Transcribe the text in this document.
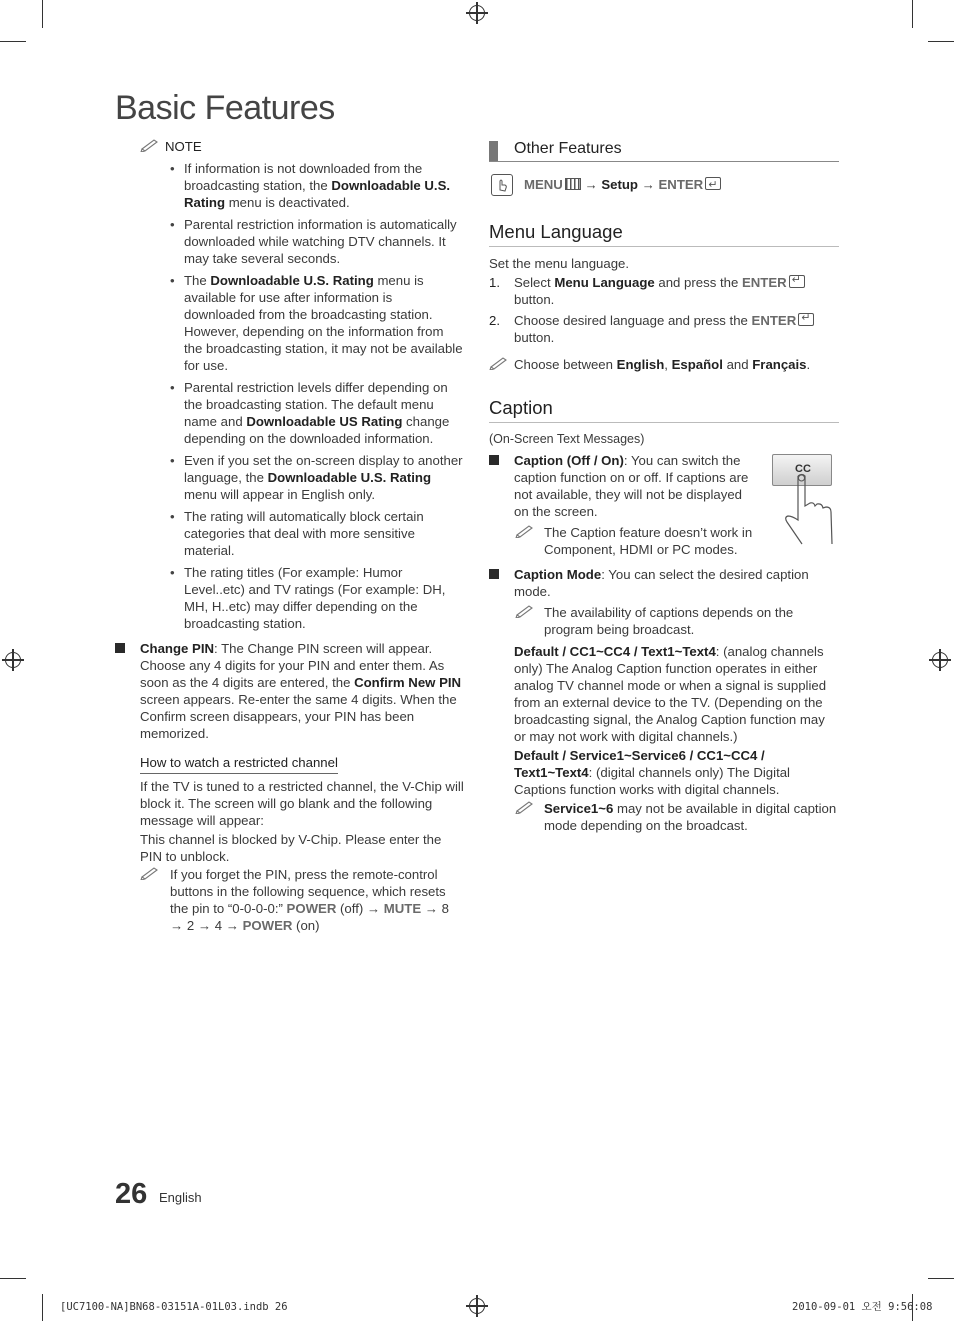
Basic Features
NOTE
• If information is not downloaded from the broadcasting station, the Downloadable U.S. Rating menu is deactivated.
• Parental restriction information is automatically downloaded while watching DTV channels. It may take several seconds.
• The Downloadable U.S. Rating menu is available for use after information is downloaded from the broadcasting station. However, depending on the information from the broadcasting station, it may not be available for use.
• Parental restriction levels differ depending on the broadcasting station. The default menu name and Downloadable US Rating change depending on the downloaded information.
• Even if you set the on-screen display to another language, the Downloadable U.S. Rating menu will appear in English only.
• The rating will automatically block certain categories that deal with more sensitive material.
• The rating titles (For example: Humor Level..etc) and TV ratings (For example: DH, MH, H..etc) may differ depending on the broadcasting station.
Change PIN: The Change PIN screen will appear. Choose any 4 digits for your PIN and enter them. As soon as the 4 digits are entered, the Confirm New PIN screen appears. Re-enter the same 4 digits. When the Confirm screen disappears, your PIN has been memorized.
How to watch a restricted channel
If the TV is tuned to a restricted channel, the V-Chip will block it. The screen will go blank and the following message will appear:
This channel is blocked by V-Chip. Please enter the PIN to unblock.
If you forget the PIN, press the remote-control buttons in the following sequence, which resets the pin to “0-0-0-0:” POWER (off) → MUTE → 8 → 2 → 4 → POWER (on)
Other Features
MENU → Setup → ENTER↵
Menu Language
Set the menu language.
1. Select Menu Language and press the ENTER↵
button.
2. Choose desired language and press the ENTER↵
button.
Choose between English, Español and Français.
Caption
(On-Screen Text Messages)
CC
Caption (Off / On): You can switch the caption function on or off. If captions are not available, they will not be displayed on the screen.
The Caption feature doesn’t work in Component, HDMI or PC modes.
Caption Mode: You can select the desired caption mode.
The availability of captions depends on the program being broadcast.
Default / CC1~CC4 / Text1~Text4: (analog channels only) The Analog Caption function operates in either analog TV channel mode or when a signal is supplied from an external device to the TV. (Depending on the broadcasting signal, the Analog Caption function may or may not work with digital channels.)
Default / Service1~Service6 / CC1~CC4 / Text1~Text4: (digital channels only) The Digital Captions function works with digital channels.
Service1~6 may not be available in digital caption mode depending on the broadcast.
26 English
[UC7100-NA]BN68-03151A-01L03.indb 26	2010-09-01 오전 9:56:08
